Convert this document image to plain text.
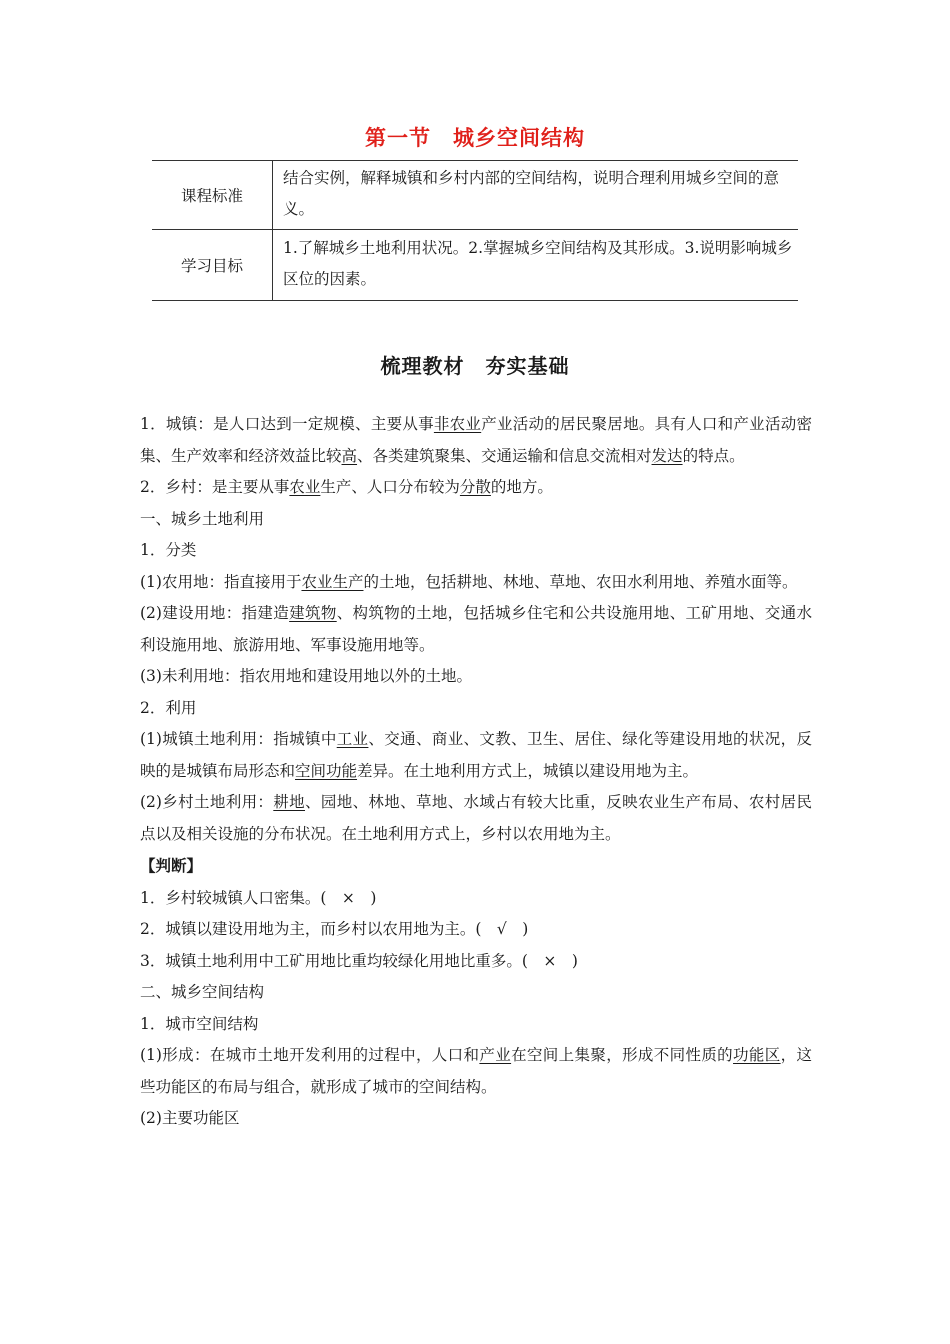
第一节　城乡空间结构
课程标准	结合实例，解释城镇和乡村内部的空间结构，说明合理利用城乡空间的意义。
学习目标	1.了解城乡土地利用状况。2.掌握城乡空间结构及其形成。3.说明影响城乡区位的因素。
梳理教材　夯实基础

1．城镇：是人口达到一定规模、主要从事非农业产业活动的居民聚居地。具有人口和产业活动密集、生产效率和经济效益比较高、各类建筑聚集、交通运输和信息交流相对发达的特点。

2．乡村：是主要从事农业生产、人口分布较为分散的地方。

一、城乡土地利用

1．分类

(1)农用地：指直接用于农业生产的土地，包括耕地、林地、草地、农田水利用地、养殖水面等。

(2)建设用地：指建造建筑物、构筑物的土地，包括城乡住宅和公共设施用地、工矿用地、交通水利设施用地、旅游用地、军事设施用地等。

(3)未利用地：指农用地和建设用地以外的土地。

2．利用

(1)城镇土地利用：指城镇中工业、交通、商业、文教、卫生、居住、绿化等建设用地的状况，反映的是城镇布局形态和空间功能差异。在土地利用方式上，城镇以建设用地为主。

(2)乡村土地利用：耕地、园地、林地、草地、水域占有较大比重，反映农业生产布局、农村居民点以及相关设施的分布状况。在土地利用方式上，乡村以农用地为主。

【判断】

1．乡村较城镇人口密集。(　×　)

2．城镇以建设用地为主，而乡村以农用地为主。(　√　)

3．城镇土地利用中工矿用地比重均较绿化用地比重多。(　×　)

二、城乡空间结构

1．城市空间结构

(1)形成：在城市土地开发利用的过程中，人口和产业在空间上集聚，形成不同性质的功能区，这些功能区的布局与组合，就形成了城市的空间结构。

(2)主要功能区
